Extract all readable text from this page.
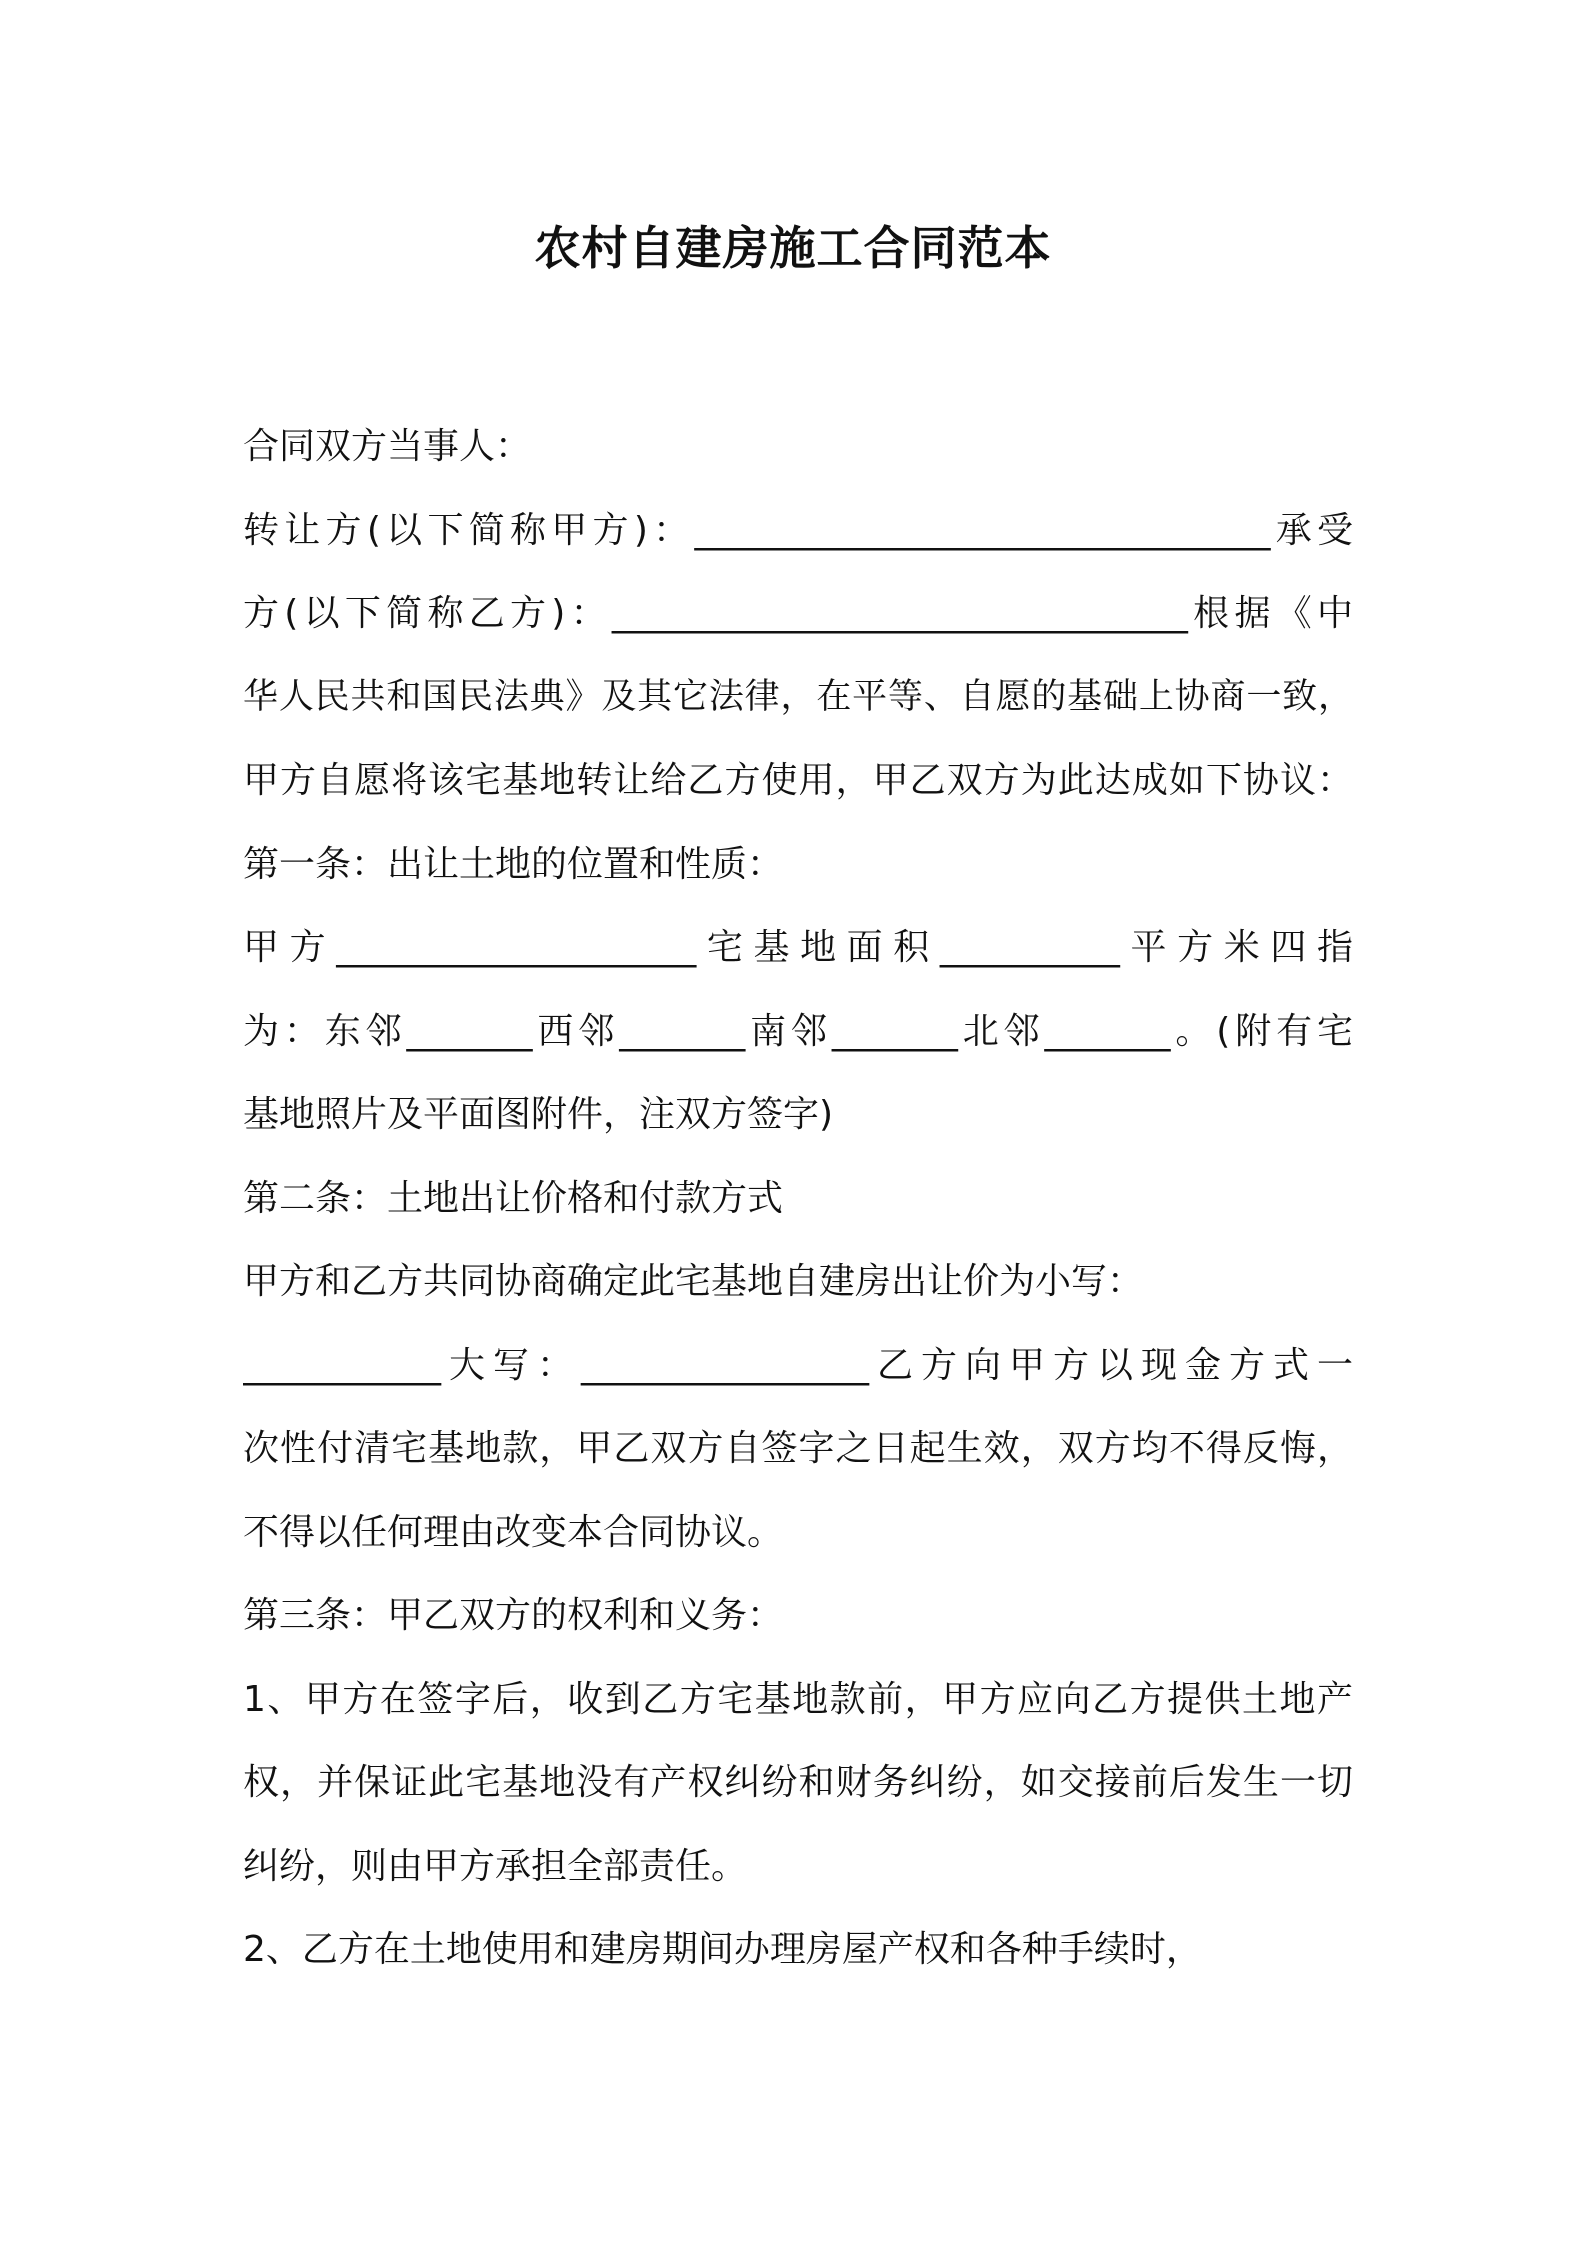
农村自建房施工合同范本
合同双方当事人：
转让方(以下简称甲方)：________________________________承受
方(以下简称乙方)：________________________________根据《中
华人民共和国民法典》及其它法律，在平等、自愿的基础上协商一致，
甲方自愿将该宅基地转让给乙方使用，甲乙双方为此达成如下协议：
第一条：出让土地的位置和性质：
甲方____________________宅基地面积__________平方米四指
为：东邻_______西邻_______南邻_______北邻_______。(附有宅
基地照片及平面图附件，注双方签字)
第二条：土地出让价格和付款方式
甲方和乙方共同协商确定此宅基地自建房出让价为小写：
___________大写：________________乙方向甲方以现金方式一
次性付清宅基地款，甲乙双方自签字之日起生效，双方均不得反悔，
不得以任何理由改变本合同协议。
第三条：甲乙双方的权利和义务：
1、甲方在签字后，收到乙方宅基地款前，甲方应向乙方提供土地产
权，并保证此宅基地没有产权纠纷和财务纠纷，如交接前后发生一切
纠纷，则由甲方承担全部责任。
2、乙方在土地使用和建房期间办理房屋产权和各种手续时，
